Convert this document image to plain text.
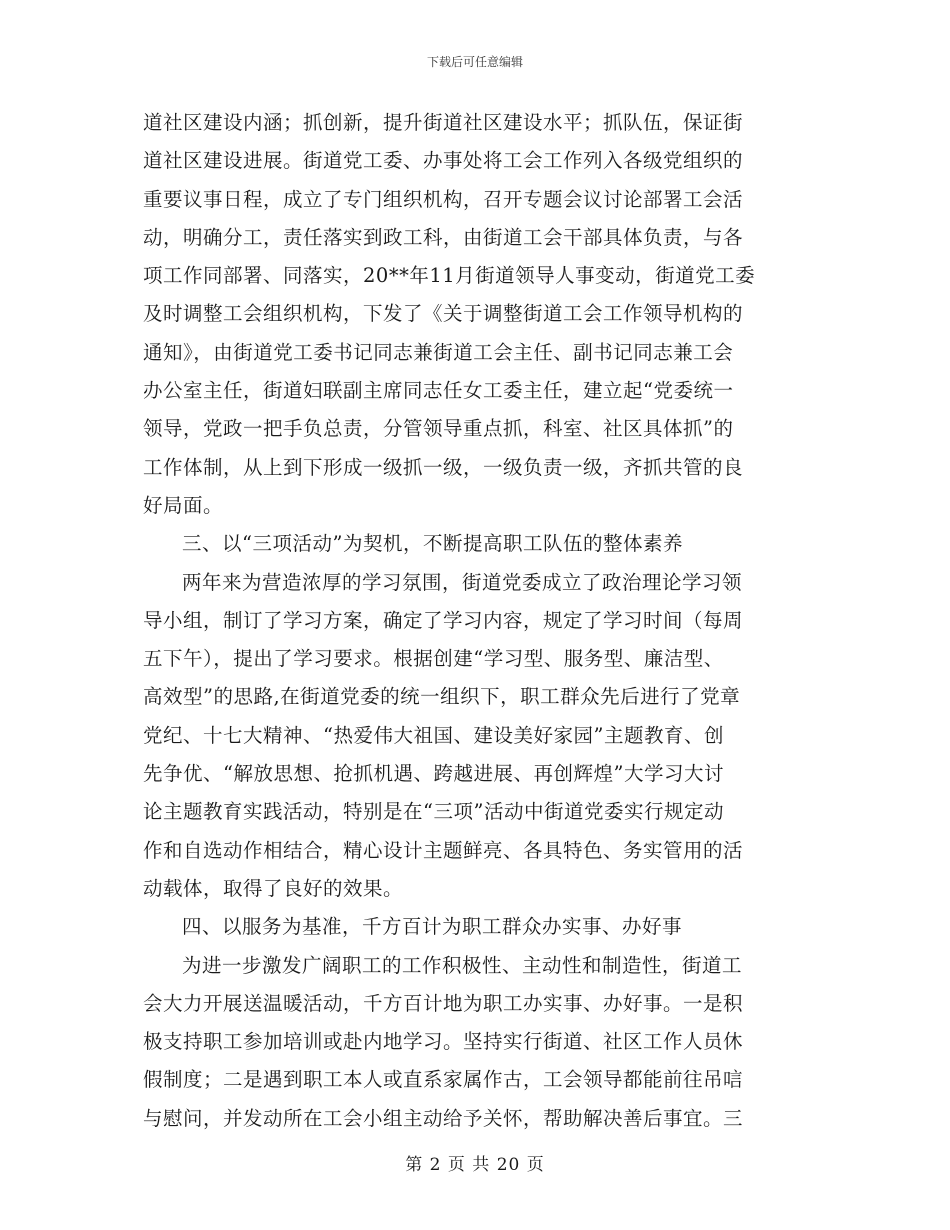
下载后可任意编辑
道社区建设内涵；抓创新，提升街道社区建设水平；抓队伍，保证街
道社区建设进展。街道党工委、办事处将工会工作列入各级党组织的
重要议事日程，成立了专门组织机构，召开专题会议讨论部署工会活
动，明确分工，责任落实到政工科，由街道工会干部具体负责，与各
项工作同部署、同落实，20**年11月街道领导人事变动，街道党工委
及时调整工会组织机构，下发了《关于调整街道工会工作领导机构的
通知》，由街道党工委书记同志兼街道工会主任、副书记同志兼工会
办公室主任，街道妇联副主席同志任女工委主任，建立起“党委统一
领导，党政一把手负总责，分管领导重点抓，科室、社区具体抓”的
工作体制，从上到下形成一级抓一级，一级负责一级，齐抓共管的良
好局面。
三、以“三项活动”为契机，不断提高职工队伍的整体素养
两年来为营造浓厚的学习氛围，街道党委成立了政治理论学习领
导小组，制订了学习方案，确定了学习内容，规定了学习时间（每周
五下午），提出了学习要求。根据创建“学习型、服务型、廉洁型、
高效型”的思路,在街道党委的统一组织下，职工群众先后进行了党章
党纪、十七大精神、“热爱伟大祖国、建设美好家园”主题教育、创
先争优、“解放思想、抢抓机遇、跨越进展、再创辉煌”大学习大讨
论主题教育实践活动，特别是在“三项”活动中街道党委实行规定动
作和自选动作相结合，精心设计主题鲜亮、各具特色、务实管用的活
动载体，取得了良好的效果。
四、以服务为基准，千方百计为职工群众办实事、办好事
为进一步激发广阔职工的工作积极性、主动性和制造性，街道工
会大力开展送温暖活动，千方百计地为职工办实事、办好事。一是积
极支持职工参加培训或赴内地学习。坚持实行街道、社区工作人员休
假制度；二是遇到职工本人或直系家属作古，工会领导都能前往吊唁
与慰问，并发动所在工会小组主动给予关怀，帮助解决善后事宜。三
第 2 页 共 20 页
